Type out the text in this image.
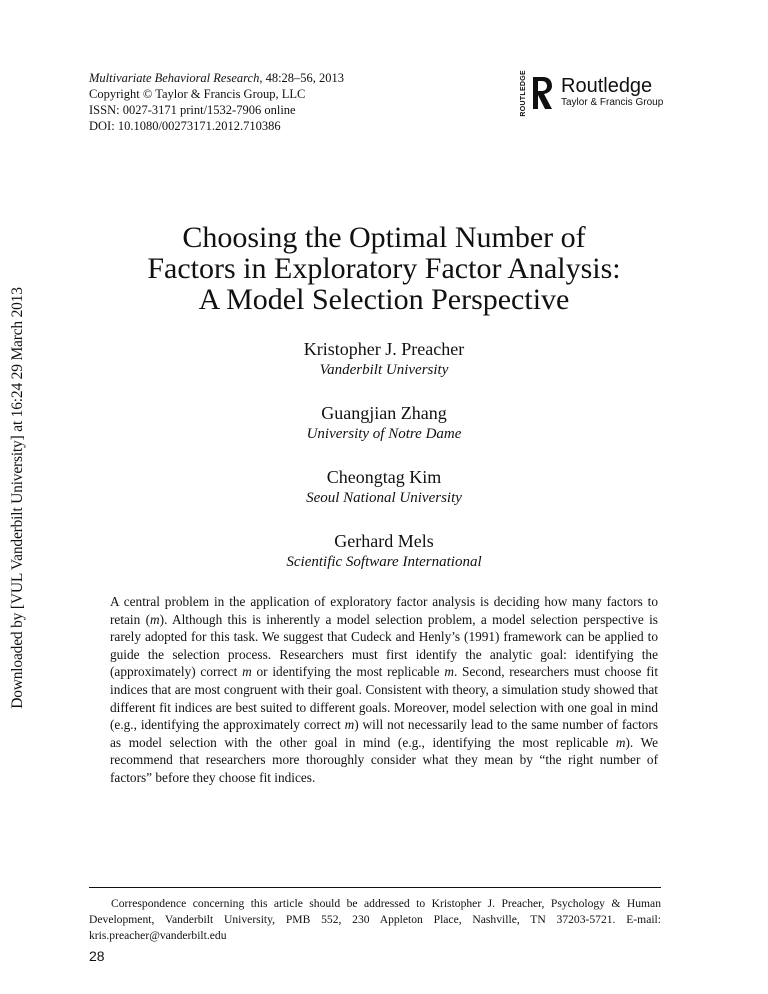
Downloaded by [VUL Vanderbilt University] at 16:24 29 March 2013
Multivariate Behavioral Research, 48:28–56, 2013
Copyright © Taylor & Francis Group, LLC
ISSN: 0027-3171 print/1532-7906 online
DOI: 10.1080/00273171.2012.710386
ROUTLEDGE Routledge
Taylor & Francis Group
Choosing the Optimal Number of
Factors in Exploratory Factor Analysis:
A Model Selection Perspective
Kristopher J. Preacher
Vanderbilt University
Guangjian Zhang
University of Notre Dame
Cheongtag Kim
Seoul National University
Gerhard Mels
Scientific Software International

A central problem in the application of exploratory factor analysis is deciding how many factors to retain (m). Although this is inherently a model selection problem, a model selection perspective is rarely adopted for this task. We suggest that Cudeck and Henly’s (1991) framework can be applied to guide the selection process. Researchers must first identify the analytic goal: identifying the (approximately) correct m or identifying the most replicable m. Second, researchers must choose fit indices that are most congruent with their goal. Consistent with theory, a simulation study showed that different fit indices are best suited to different goals. Moreover, model selection with one goal in mind (e.g., identifying the approximately correct m) will not necessarily lead to the same number of factors as model selection with the other goal in mind (e.g., identifying the most replicable m). We recommend that researchers more thoroughly consider what they mean by “the right number of factors” before they choose fit indices.

Correspondence concerning this article should be addressed to Kristopher J. Preacher, Psychology & Human Development, Vanderbilt University, PMB 552, 230 Appleton Place, Nashville, TN 37203-5721. E-mail: kris.preacher@vanderbilt.edu

28
